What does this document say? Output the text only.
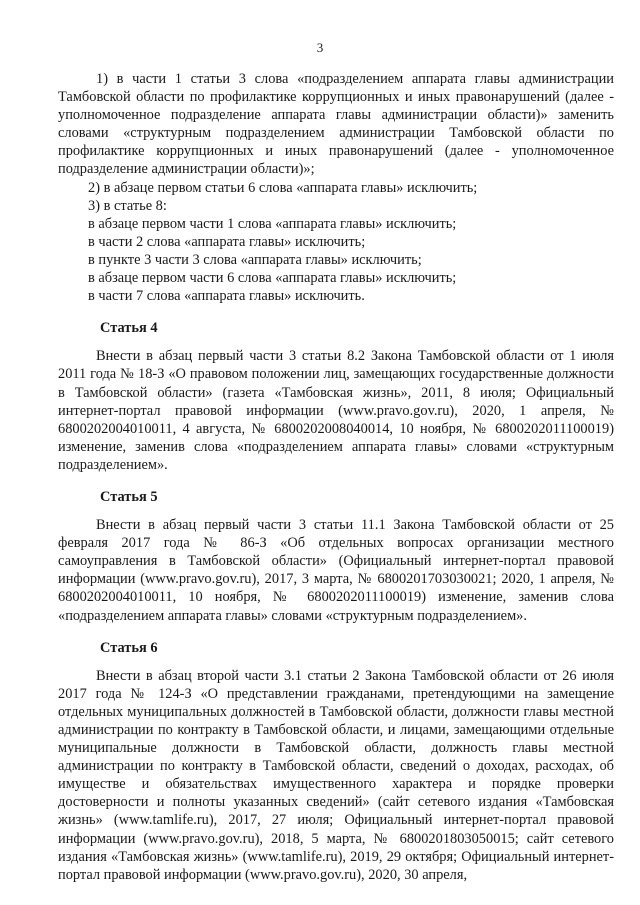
3

1) в части 1 статьи 3 слова «подразделением аппарата главы администрации Тамбовской области по профилактике коррупционных и иных правонарушений (далее - уполномоченное подразделение аппарата главы администрации области)» заменить словами «структурным подразделением администрации Тамбовской области по профилактике коррупционных и иных правонарушений (далее - уполномоченное подразделение администрации области)»;

2) в абзаце первом статьи 6 слова «аппарата главы» исключить;

3) в статье 8:

в абзаце первом части 1 слова «аппарата главы» исключить;
в части 2 слова «аппарата главы» исключить;
в пункте 3 части 3 слова «аппарата главы» исключить;
в абзаце первом части 6 слова «аппарата главы» исключить;
в части 7 слова «аппарата главы» исключить.
Статья 4

Внести в абзац первый части 3 статьи 8.2 Закона Тамбовской области от 1 июля 2011 года № 18-З «О правовом положении лиц, замещающих государственные должности в Тамбовской области» (газета «Тамбовская жизнь», 2011, 8 июля; Официальный интернет-портал правовой информации (www.pravo.gov.ru), 2020, 1 апреля, № 6800202004010011, 4 августа, № 6800202008040014, 10 ноября, № 6800202011100019) изменение, заменив слова «подразделением аппарата главы» словами «структурным подразделением».

Статья 5

Внести в абзац первый части 3 статьи 11.1 Закона Тамбовской области от 25 февраля 2017 года № 86-З «Об отдельных вопросах организации местного самоуправления в Тамбовской области» (Официальный интернет-портал правовой информации (www.pravo.gov.ru), 2017, 3 марта, № 6800201703030021; 2020, 1 апреля, № 6800202004010011, 10 ноября, № 6800202011100019) изменение, заменив слова «подразделением аппарата главы» словами «структурным подразделением».

Статья 6

Внести в абзац второй части 3.1 статьи 2 Закона Тамбовской области от 26 июля 2017 года № 124-З «О представлении гражданами, претендующими на замещение отдельных муниципальных должностей в Тамбовской области, должности главы местной администрации по контракту в Тамбовской области, и лицами, замещающими отдельные муниципальные должности в Тамбовской области, должность главы местной администрации по контракту в Тамбовской области, сведений о доходах, расходах, об имуществе и обязательствах имущественного характера и порядке проверки достоверности и полноты указанных сведений» (сайт сетевого издания «Тамбовская жизнь» (www.tamlife.ru), 2017, 27 июля; Официальный интернет-портал правовой информации (www.pravo.gov.ru), 2018, 5 марта, № 6800201803050015; сайт сетевого издания «Тамбовская жизнь» (www.tamlife.ru), 2019, 29 октября; Официальный интернет-портал правовой информации (www.pravo.gov.ru), 2020, 30 апреля,
